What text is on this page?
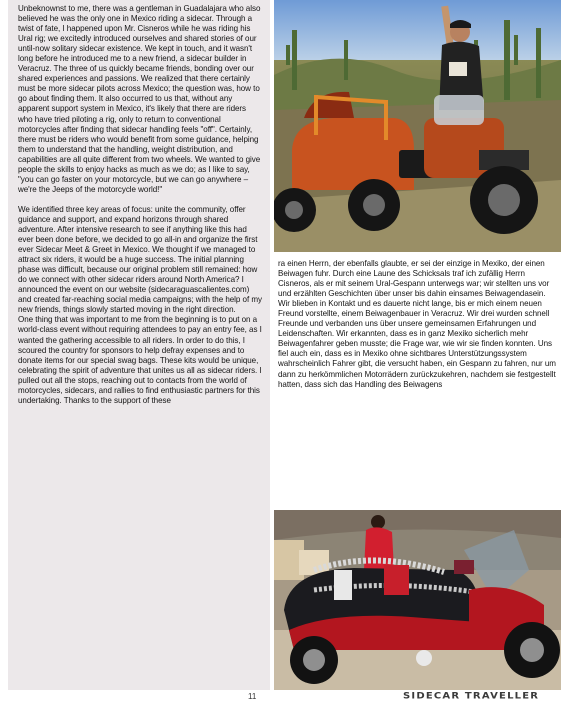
Unbeknownst to me, there was a gentleman in Guadalajara who also believed he was the only one in Mexico riding a sidecar. Through a twist of fate, I happened upon Mr. Cisneros while he was riding his Ural rig; we excitedly introduced ourselves and shared stories of our until-now solitary sidecar existence. We kept in touch, and it wasn't long before he introduced me to a new friend, a sidecar builder in Veracruz. The three of us quickly became friends, bonding over our shared experiences and passions. We realized that there certainly must be more sidecar pilots across Mexico; the question was, how to go about finding them. It also occurred to us that, without any apparent support system in Mexico, it's likely that there are riders who have tried piloting a rig, only to return to conventional motorcycles after finding that sidecar handling feels "off". Certainly, there must be riders who would benefit from some guidance, helping them to understand that the handling, weight distribution, and capabilities are all quite different from two wheels. We wanted to give people the skills to enjoy hacks as much as we do; as I like to say, "you can go faster on your motorcycle, but we can go anywhere – we're the Jeeps of the motorcycle world!"

We identified three key areas of focus: unite the community, offer guidance and support, and expand horizons through shared adventure. After intensive research to see if anything like this had ever been done before, we decided to go all-in and organize the first ever Sidecar Meet & Greet in Mexico. We thought if we managed to attract six riders, it would be a huge success. The initial planning phase was difficult, because our original problem still remained: how do we connect with other sidecar riders around North America? I announced the event on our website (sidecaraguascalientes.com) and created far-reaching social media campaigns; with the help of my new friends, things slowly started moving in the right direction.

One thing that was important to me from the beginning is to put on a world-class event without requiring attendees to pay an entry fee, as I wanted the gathering accessible to all riders. In order to do this, I scoured the country for sponsors to help defray expenses and to donate items for our special swag bags. These kits would be unique, celebrating the spirit of adventure that unites us all as sidecar riders. I pulled out all the stops, reaching out to contacts from the world of motorcycles, sidecars, and rallies to find enthusiastic partners for this undertaking. Thanks to the support of these

ra einen Herrn, der ebenfalls glaubte, er sei der einzige in Mexiko, der einen Beiwagen fuhr. Durch eine Laune des Schicksals traf ich zufällig Herrn Cisneros, als er mit seinem Ural-Gespann unterwegs war; wir stellten uns vor und erzählten Geschichten über unser bis dahin einsames Beiwagendasein. Wir blieben in Kontakt und es dauerte nicht lange, bis er mich einem neuen Freund vorstellte, einem Beiwagenbauer in Veracruz. Wir drei wurden schnell Freunde und verbanden uns über unsere gemeinsamen Erfahrungen und Leidenschaften. Wir erkannten, dass es in ganz Mexiko sicherlich mehr Beiwagenfahrer geben musste; die Frage war, wie wir sie finden konnten. Uns fiel auch ein, dass es in Mexiko ohne sichtbares Unterstützungssystem wahrscheinlich Fahrer gibt, die versucht haben, ein Gespann zu fahren, nur um dann zu herkömmlichen Motorrädern zurückzukehren, nachdem sie festgestellt hatten, dass sich das Handling des Beiwagens

11	SIDECAR TRAVELLER
